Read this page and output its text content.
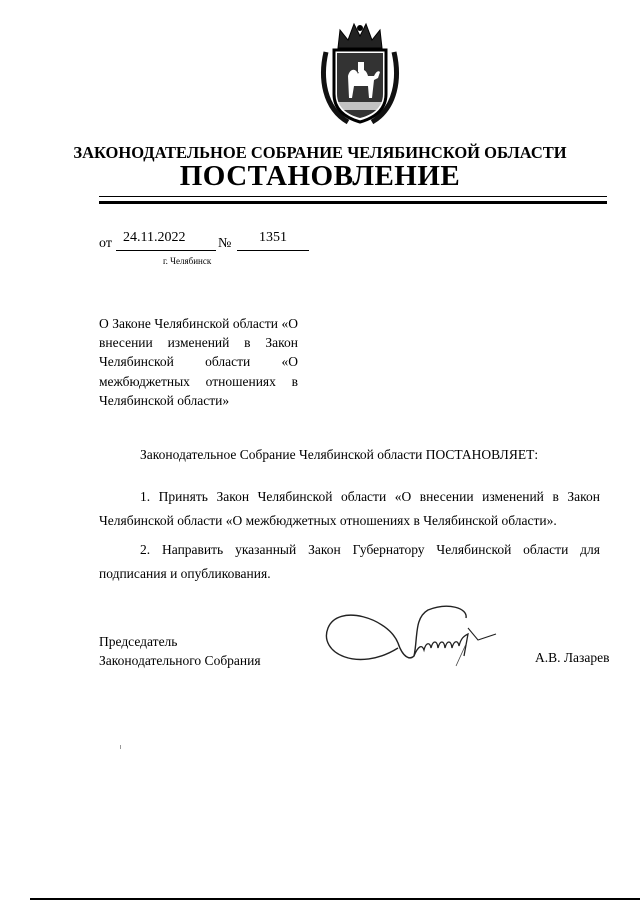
ЗАКОНОДАТЕЛЬНОЕ СОБРАНИЕ ЧЕЛЯБИНСКОЙ ОБЛАСТИ
ПОСТАНОВЛЕНИЕ
от 24.11.2022 № 1351
г. Челябинск
О Законе Челябинской области «О внесении изменений в Закон Челябинской области «О межбюджетных отношениях в Челябинской области»
Законодательное Собрание Челябинской области ПОСТАНОВЛЯЕТ:
1. Принять Закон Челябинской области «О внесении изменений в Закон Челябинской области «О межбюджетных отношениях в Челябинской области».
2. Направить указанный Закон Губернатору Челябинской области для подписания и опубликования.
Председатель
Законодательного Собрания	А.В. Лазарев
